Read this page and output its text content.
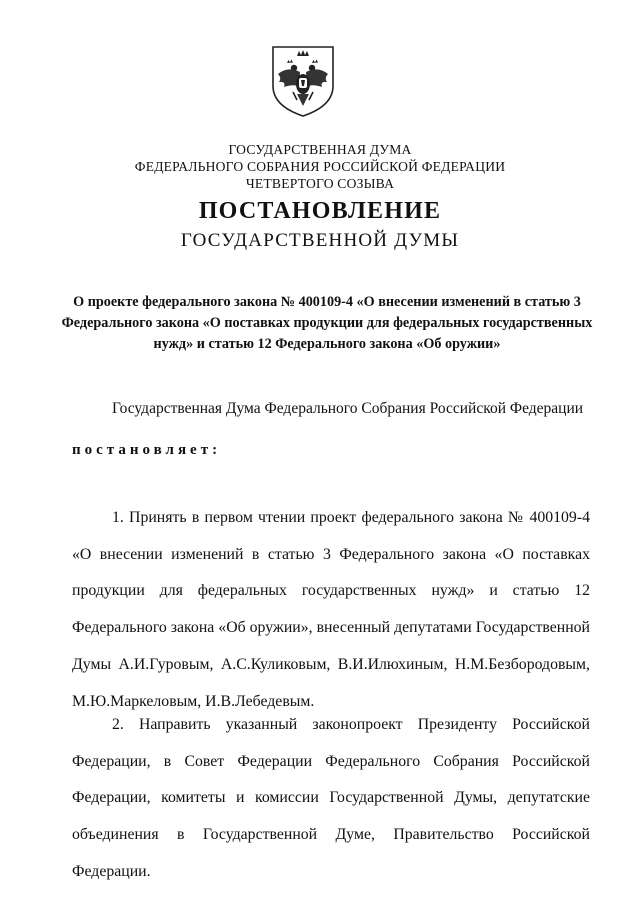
ГОСУДАРСТВЕННАЯ ДУМА
ФЕДЕРАЛЬНОГО СОБРАНИЯ РОССИЙСКОЙ ФЕДЕРАЦИИ
ЧЕТВЕРТОГО СОЗЫВА
ПОСТАНОВЛЕНИЕ
ГОСУДАРСТВЕННОЙ ДУМЫ
О проекте федерального закона № 400109-4 «О внесении изменений в статью 3 Федерального закона «О поставках продукции для федеральных государственных нужд» и статью 12 Федерального закона «Об оружии»
Государственная Дума Федерального Собрания Российской Федерации
постановляет:
1. Принять в первом чтении проект федерального закона № 400109-4 «О внесении изменений в статью 3 Федерального закона «О поставках продукции для федеральных государственных нужд» и статью 12 Федерального закона «Об оружии», внесенный депутатами Государственной Думы А.И.Гуровым, А.С.Куликовым, В.И.Илюхиным, Н.М.Безбородовым, М.Ю.Маркеловым, И.В.Лебедевым.
2. Направить указанный законопроект Президенту Российской Федерации, в Совет Федерации Федерального Собрания Российской Федерации, комитеты и комиссии Государственной Думы, депутатские объединения в Государственной Думе, Правительство Российской Федерации.
